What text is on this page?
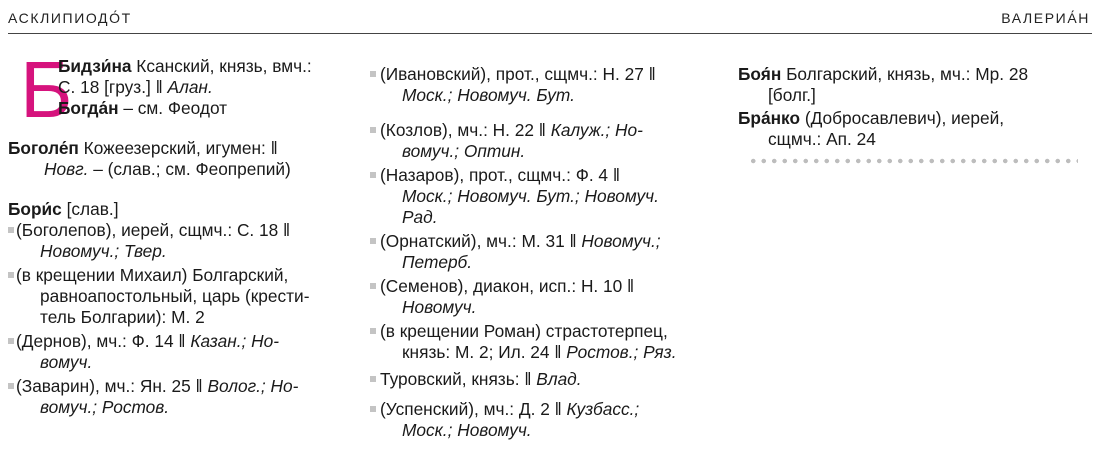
АСКЛИПИОДО́Т	ВАЛЕРИА́Н
Б
Бидзи́на Ксанский, князь, вмч.:
С. 18 [груз.] ‖ Алан.
Богда́н – см. Феодот
Боголе́п Кожеезерский, игумен: ‖
Новг. – (слав.; см. Феопрепий)
Бори́с [слав.]
(Боголепов), иерей, сщмч.: С. 18 ‖
Новомуч.; Твер.
(в крещении Михаил) Болгарский,
равноапостольный, царь (крести-
тель Болгарии): М. 2
(Дернов), мч.: Ф. 14 ‖ Казан.; Но-
вомуч.
(Заварин), мч.: Ян. 25 ‖ Волог.; Но-
вомуч.; Ростов.
(Ивановский), прот., сщмч.: Н. 27 ‖
Моск.; Новомуч. Бут.
(Козлов), мч.: Н. 22 ‖ Калуж.; Но-
вомуч.; Оптин.
(Назаров), прот., сщмч.: Ф. 4 ‖
Моск.; Новомуч. Бут.; Новомуч.
Рад.
(Орнатский), мч.: М. 31 ‖ Новомуч.;
Петерб.
(Семенов), диакон, исп.: Н. 10 ‖
Новомуч.
(в крещении Роман) страстотерпец,
князь: М. 2; Ил. 24 ‖ Ростов.; Ряз.
Туровский, князь: ‖ Влад.
(Успенский), мч.: Д. 2 ‖ Кузбасс.;
Моск.; Новомуч.
Боя́н Болгарский, князь, мч.: Мр. 28
[болг.]
Бра́нко (Добросавлевич), иерей,
сщмч.: Ап. 24
